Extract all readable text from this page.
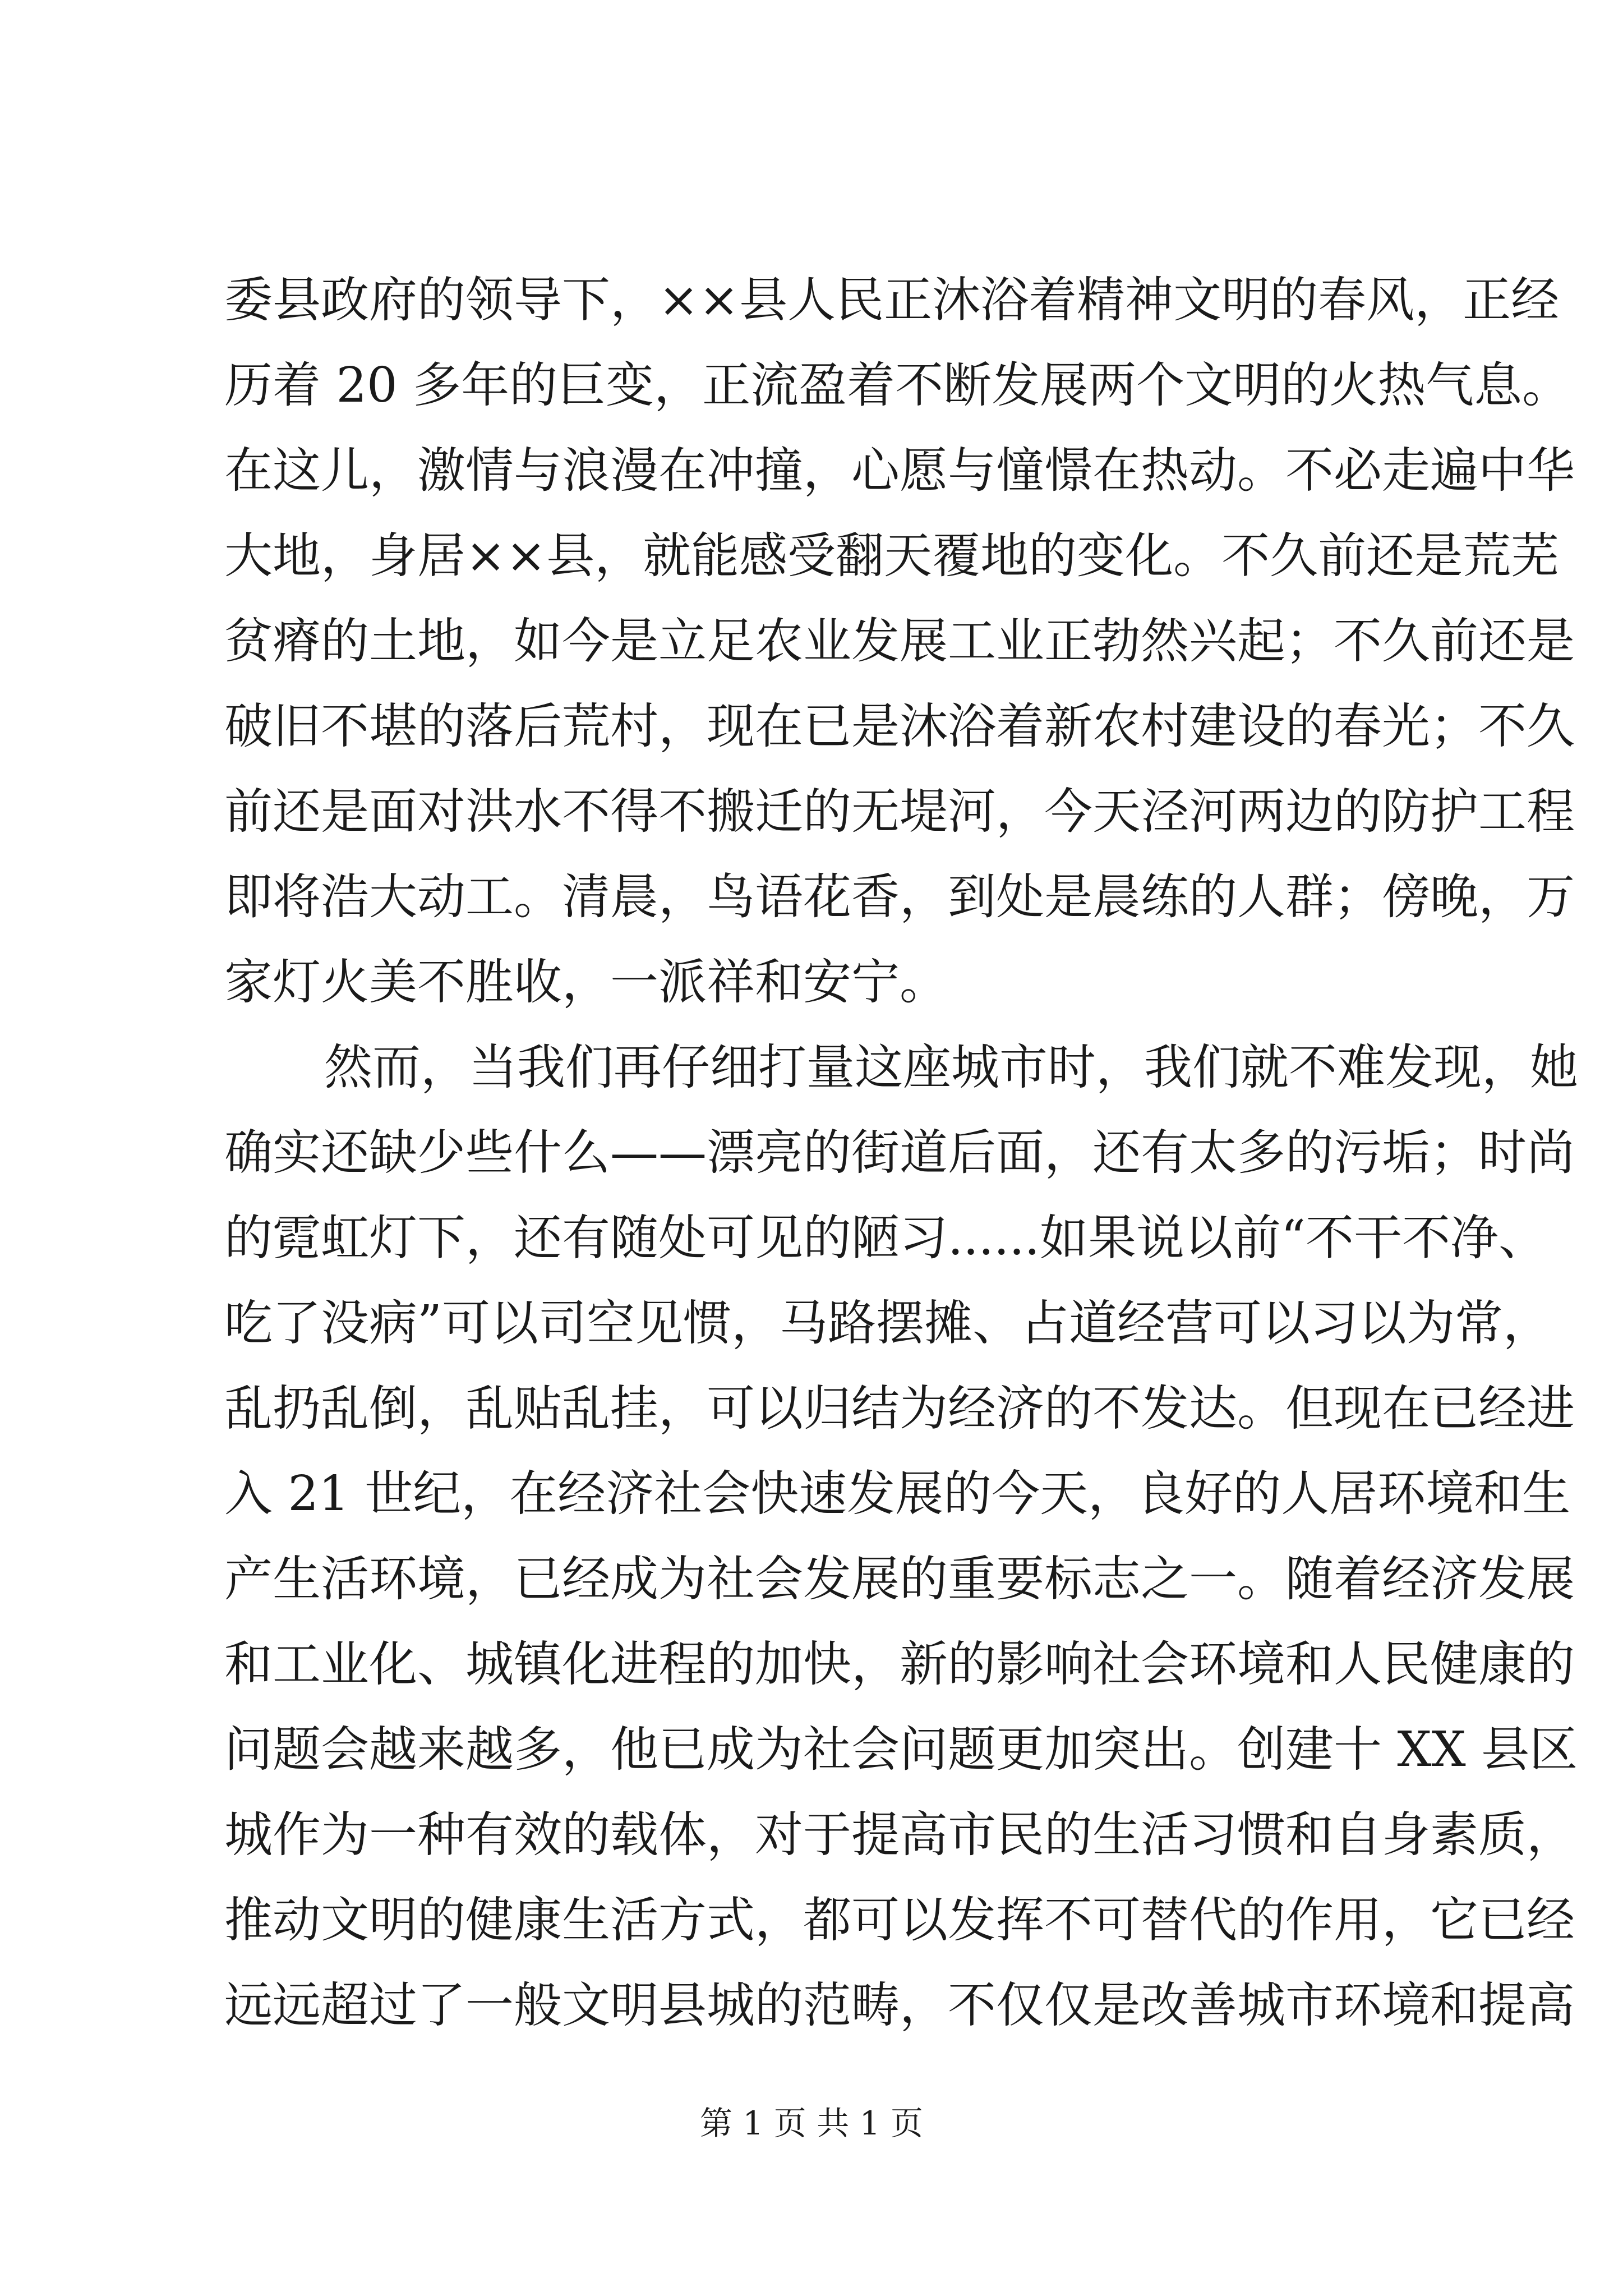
委县政府的领导下，××县人民正沐浴着精神文明的春风，正经
历着 20 多年的巨变，正流盈着不断发展两个文明的火热气息。
在这儿，激情与浪漫在冲撞，心愿与憧憬在热动。不必走遍中华
大地，身居××县，就能感受翻天覆地的变化。不久前还是荒芜
贫瘠的土地，如今是立足农业发展工业正勃然兴起；不久前还是
破旧不堪的落后荒村，现在已是沐浴着新农村建设的春光；不久
前还是面对洪水不得不搬迁的无堤河，今天泾河两边的防护工程
即将浩大动工。清晨，鸟语花香，到处是晨练的人群；傍晚，万
家灯火美不胜收，一派祥和安宁。
然而，当我们再仔细打量这座城市时，我们就不难发现，她
确实还缺少些什么——漂亮的街道后面，还有太多的污垢；时尚
的霓虹灯下，还有随处可见的陋习......如果说以前“不干不净、
吃了没病”可以司空见惯，马路摆摊、占道经营可以习以为常，
乱扔乱倒，乱贴乱挂，可以归结为经济的不发达。但现在已经进
入 21 世纪，在经济社会快速发展的今天，良好的人居环境和生
产生活环境，已经成为社会发展的重要标志之一。随着经济发展
和工业化、城镇化进程的加快，新的影响社会环境和人民健康的
问题会越来越多，他已成为社会问题更加突出。创建十 XX 县区
城作为一种有效的载体，对于提高市民的生活习惯和自身素质，
推动文明的健康生活方式，都可以发挥不可替代的作用，它已经
远远超过了一般文明县城的范畴，不仅仅是改善城市环境和提高
第 1 页 共 1 页
